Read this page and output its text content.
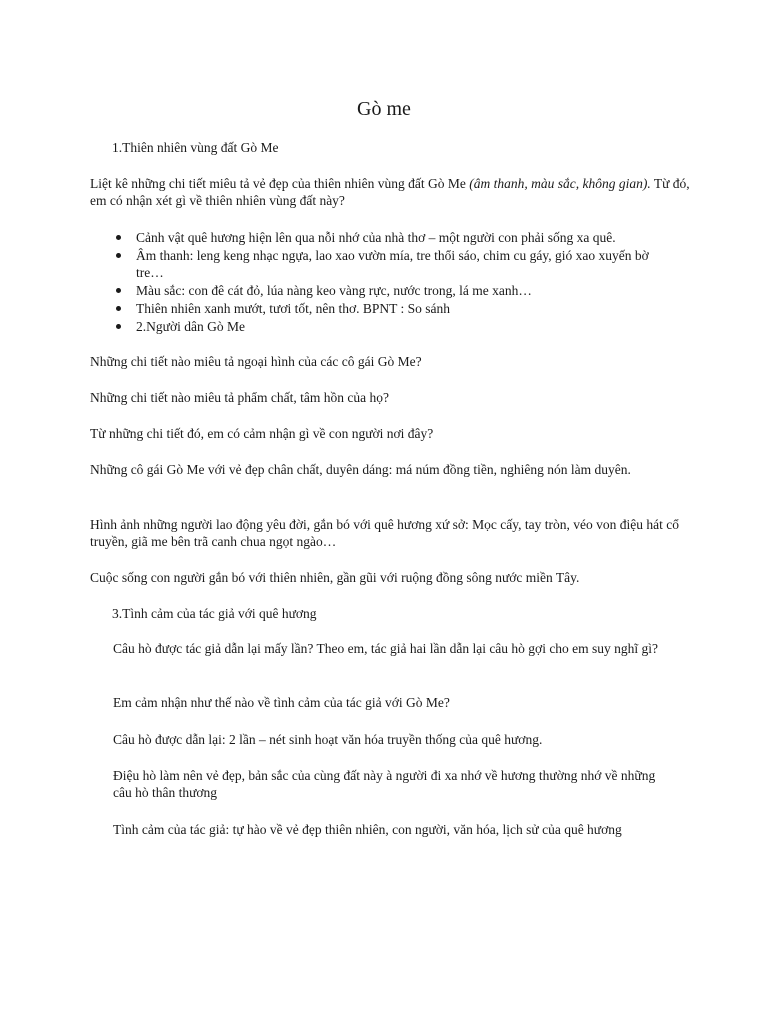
Gò me

1.Thiên nhiên vùng đất Gò Me

Liệt kê những chi tiết miêu tả vẻ đẹp của thiên nhiên vùng đất Gò Me (âm thanh, màu sắc, không gian). Từ đó, em có nhận xét gì về thiên nhiên vùng đất này?

Cảnh vật quê hương hiện lên qua nỗi nhớ của nhà thơ – một người con phải sống xa quê.
Âm thanh: leng keng nhạc ngựa, lao xao vườn mía, tre thổi sáo, chim cu gáy, gió xao xuyến bờ tre…
Màu sắc: con đê cát đỏ, lúa nàng keo vàng rực, nước trong, lá me xanh…
Thiên nhiên xanh mướt, tươi tốt, nên thơ. BPNT : So sánh
2.Người dân Gò Me

Những chi tiết nào miêu tả ngoại hình của các cô gái Gò Me?

Những chi tiết nào miêu tả phẩm chất, tâm hồn của họ?

Từ những chi tiết đó, em có cảm nhận gì về con người nơi đây?

Những cô gái Gò Me với vẻ đẹp chân chất, duyên dáng: má núm đồng tiền, nghiêng nón làm duyên.

Hình ảnh những người lao động yêu đời, gắn bó với quê hương xứ sở: Mọc cấy, tay tròn, véo von điệu hát cổ truyền, giã me bên trã canh chua ngọt ngào…

Cuộc sống con người gắn bó với thiên nhiên, gần gũi với ruộng đồng sông nước miền Tây.

3.Tình cảm của tác giả với quê hương

Câu hò được tác giả dẫn lại mấy lần? Theo em, tác giả hai lần dẫn lại câu hò gợi cho em suy nghĩ gì?

Em cảm nhận như thế nào về tình cảm của tác giả với Gò Me?

Câu hò được dẫn lại: 2 lần – nét sinh hoạt văn hóa truyền thống của quê hương.

Điệu hò làm nên vẻ đẹp, bản sắc của cùng đất này à người đi xa nhớ về hương thường nhớ về những câu hò thân thương

Tình cảm của tác giả: tự hào về vẻ đẹp thiên nhiên, con người, văn hóa, lịch sử của quê hương
